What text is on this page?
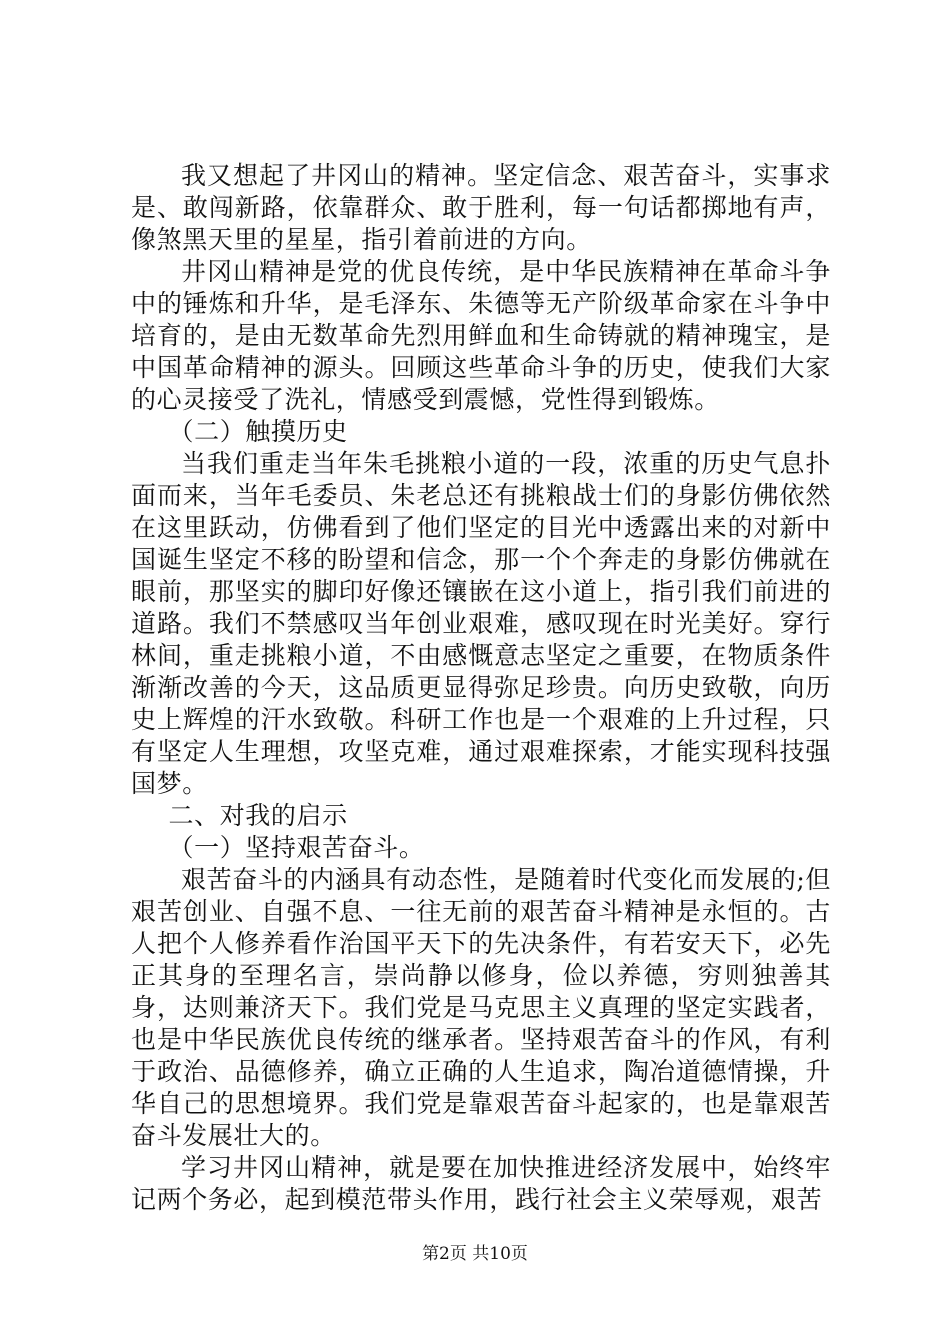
我又想起了井冈山的精神。坚定信念、艰苦奋斗，实事求是、敢闯新路，依靠群众、敢于胜利，每一句话都掷地有声，像煞黑天里的星星，指引着前进的方向。

井冈山精神是党的优良传统，是中华民族精神在革命斗争中的锤炼和升华，是毛泽东、朱德等无产阶级革命家在斗争中培育的，是由无数革命先烈用鲜血和生命铸就的精神瑰宝，是中国革命精神的源头。回顾这些革命斗争的历史，使我们大家的心灵接受了洗礼，情感受到震憾，党性得到锻炼。

（二）触摸历史

当我们重走当年朱毛挑粮小道的一段，浓重的历史气息扑面而来，当年毛委员、朱老总还有挑粮战士们的身影仿佛依然在这里跃动，仿佛看到了他们坚定的目光中透露出来的对新中国诞生坚定不移的盼望和信念，那一个个奔走的身影仿佛就在眼前，那坚实的脚印好像还镶嵌在这小道上，指引我们前进的道路。我们不禁感叹当年创业艰难，感叹现在时光美好。穿行林间，重走挑粮小道，不由感慨意志坚定之重要，在物质条件渐渐改善的今天，这品质更显得弥足珍贵。向历史致敬，向历史上辉煌的汗水致敬。科研工作也是一个艰难的上升过程，只有坚定人生理想，攻坚克难，通过艰难探索，才能实现科技强国梦。

二、对我的启示

（一）坚持艰苦奋斗。

艰苦奋斗的内涵具有动态性，是随着时代变化而发展的;但艰苦创业、自强不息、一往无前的艰苦奋斗精神是永恒的。古人把个人修养看作治国平天下的先决条件，有若安天下，必先正其身的至理名言，崇尚静以修身，俭以养德，穷则独善其身，达则兼济天下。我们党是马克思主义真理的坚定实践者，也是中华民族优良传统的继承者。坚持艰苦奋斗的作风，有利于政治、品德修养，确立正确的人生追求，陶冶道德情操，升华自己的思想境界。我们党是靠艰苦奋斗起家的，也是靠艰苦奋斗发展壮大的。

学习井冈山精神，就是要在加快推进经济发展中，始终牢记两个务必，起到模范带头作用，践行社会主义荣辱观，艰苦

第2页 共10页
